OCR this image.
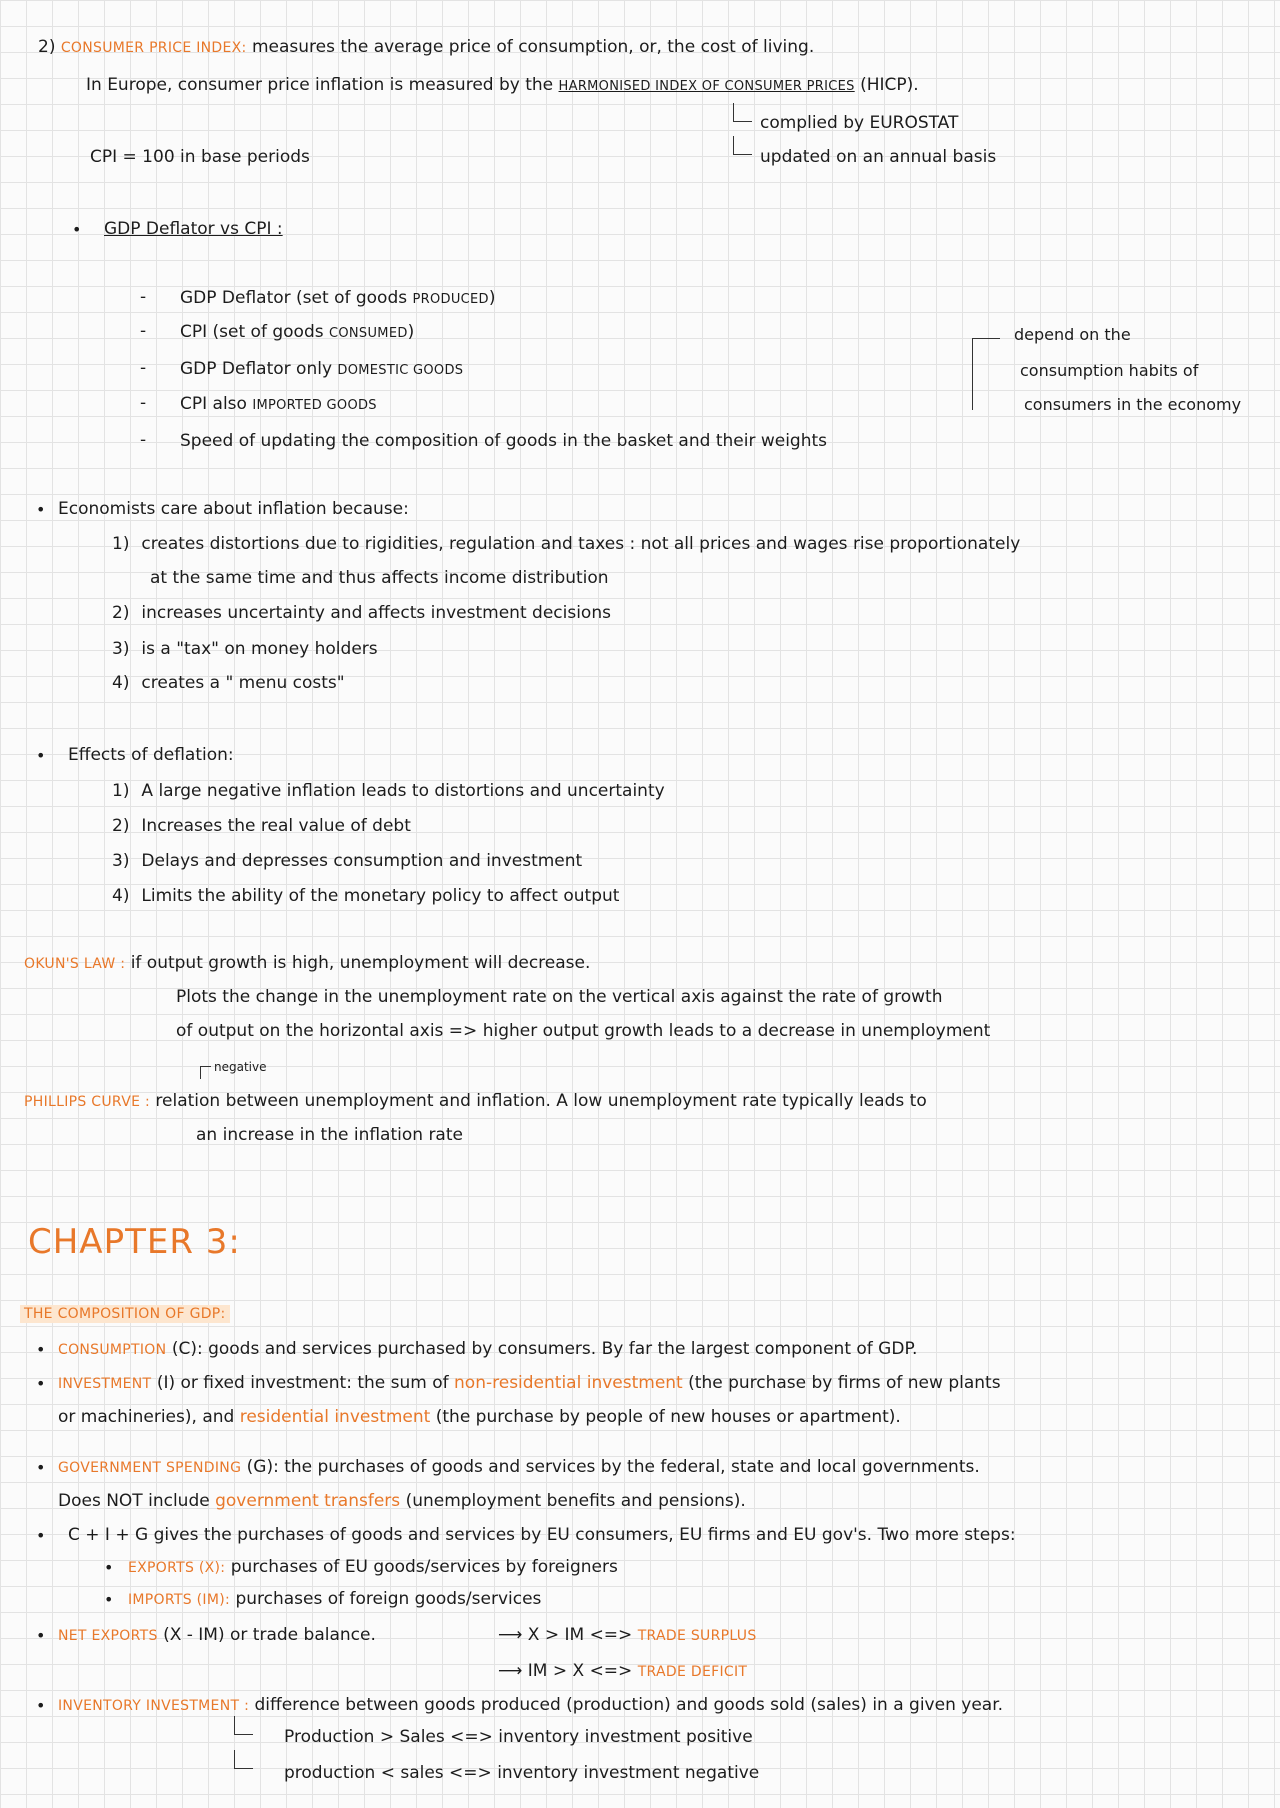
2) CONSUMER PRICE INDEX: measures the average price of consumption, or, the cost of living.
In Europe, consumer price inflation is measured by the HARMONISED INDEX OF CONSUMER PRICES (HICP).
complied by EUROSTAT
updated on an annual basis
CPI = 100 in base periods
• GDP Deflator vs CPI :
- GDP Deflator (set of goods PRODUCED)
- CPI (set of goods CONSUMED)
- GDP Deflator only DOMESTIC GOODS
- CPI also IMPORTED GOODS
- Speed of updating the composition of goods in the basket and their weights
depend on the
consumption habits of
consumers in the economy
• Economists care about inflation because:
1) creates distortions due to rigidities, regulation and taxes : not all prices and wages rise proportionately
at the same time and thus affects income distribution
2) increases uncertainty and affects investment decisions
3) is a "tax" on money holders
4) creates a " menu costs"
• Effects of deflation:
1) A large negative inflation leads to distortions and uncertainty
2) Increases the real value of debt
3) Delays and depresses consumption and investment
4) Limits the ability of the monetary policy to affect output
OKUN'S LAW : if output growth is high, unemployment will decrease.
Plots the change in the unemployment rate on the vertical axis against the rate of growth
of output on the horizontal axis => higher output growth leads to a decrease in unemployment
negative
PHILLIPS CURVE : relation between unemployment and inflation. A low unemployment rate typically leads to
an increase in the inflation rate
CHAPTER 3:
THE COMPOSITION OF GDP:
• CONSUMPTION (C): goods and services purchased by consumers. By far the largest component of GDP.
• INVESTMENT (I) or fixed investment: the sum of non-residential investment (the purchase by firms of new plants
or machineries), and residential investment (the purchase by people of new houses or apartment).
• GOVERNMENT SPENDING (G): the purchases of goods and services by the federal, state and local governments.
Does NOT include government transfers (unemployment benefits and pensions).
• C + I + G gives the purchases of goods and services by EU consumers, EU firms and EU gov's. Two more steps:
• EXPORTS (X): purchases of EU goods/services by foreigners
• IMPORTS (IM): purchases of foreign goods/services
• NET EXPORTS (X - IM) or trade balance.	⟶ X > IM <=> TRADE SURPLUS
⟶ IM > X <=> TRADE DEFICIT
• INVENTORY INVESTMENT : difference between goods produced (production) and goods sold (sales) in a given year.
Production > Sales <=> inventory investment positive
production < sales <=> inventory investment negative
